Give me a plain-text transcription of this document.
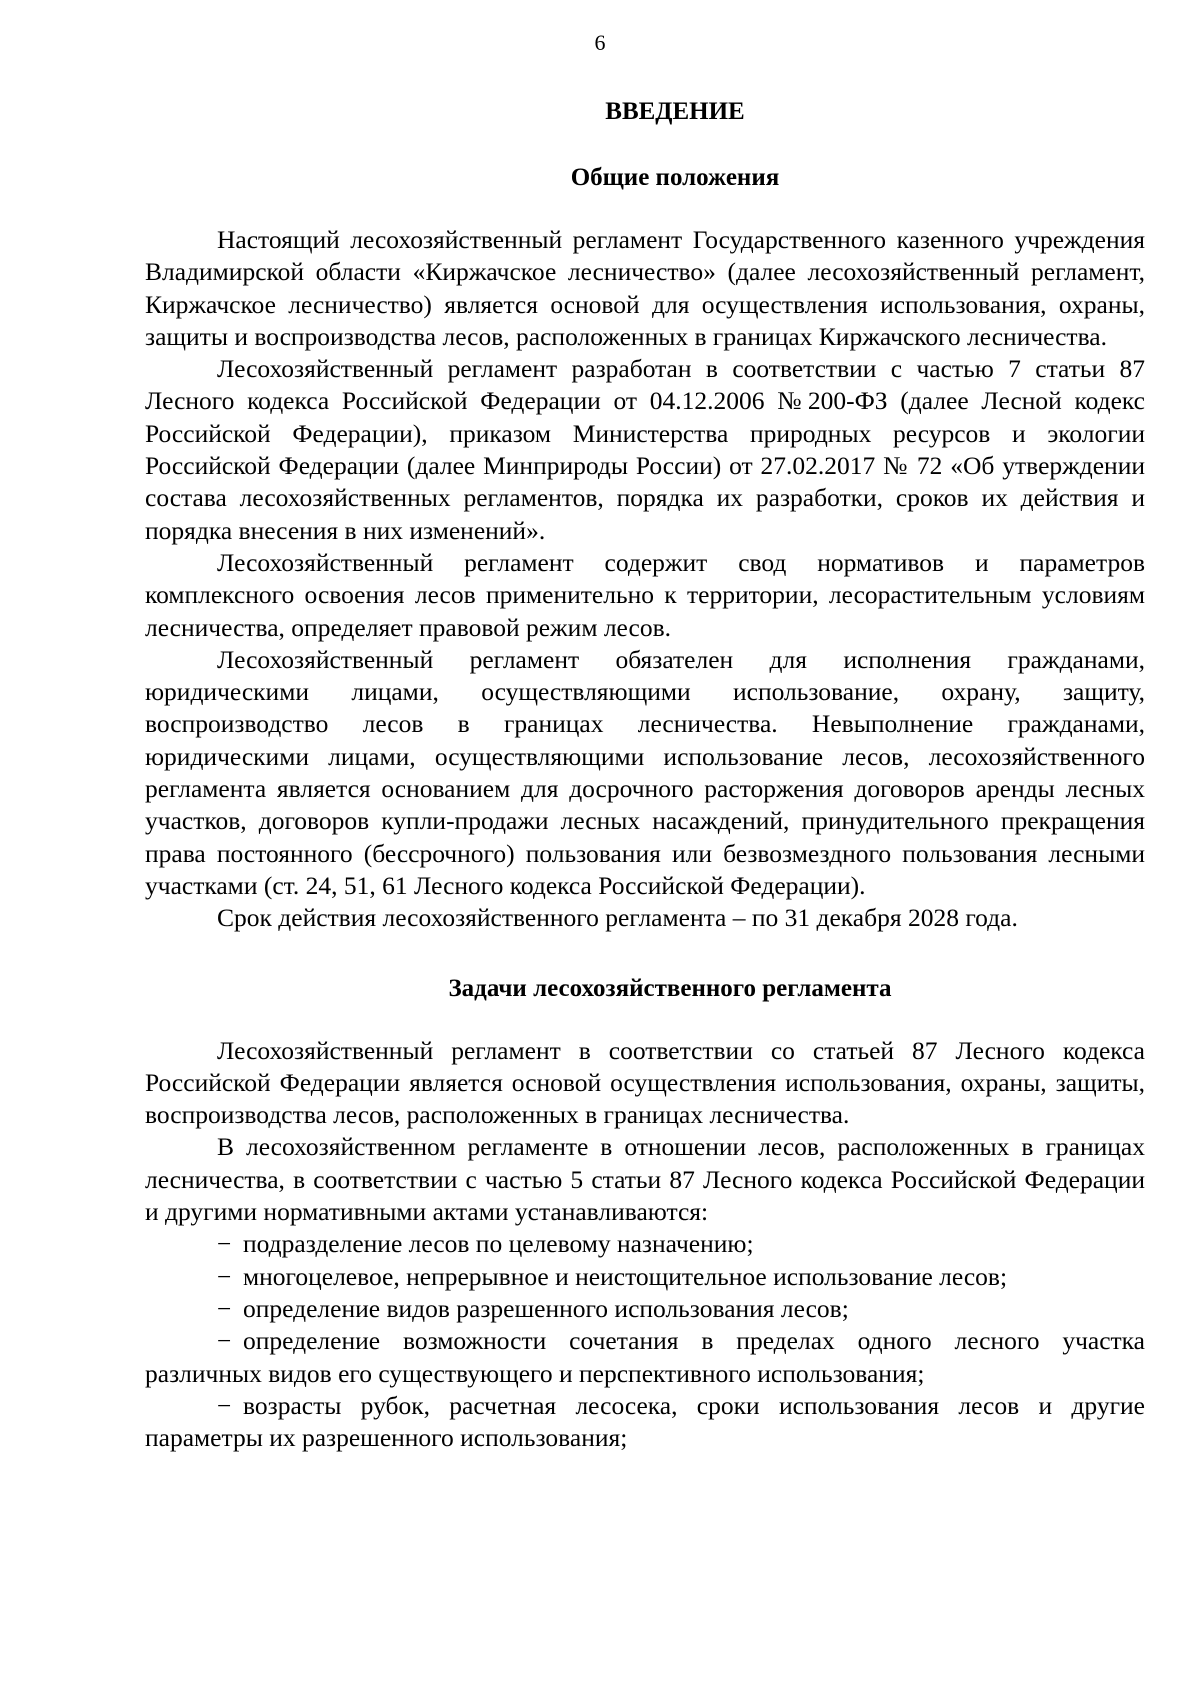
6
ВВЕДЕНИЕ
Общие положения

Настоящий лесохозяйственный регламент Государственного казенного учреждения Владимирской области «Киржачское лесничество» (далее лесохозяйственный регламент, Киржачское лесничество) является основой для осуществления использования, охраны, защиты и воспроизводства лесов, расположенных в границах Киржачского лесничества.

Лесохозяйственный регламент разработан в соответствии с частью 7 статьи 87 Лесного кодекса Российской Федерации от 04.12.2006 №200-ФЗ (далее Лесной кодекс Российской Федерации), приказом Министерства природных ресурсов и экологии Российской Федерации (далее Минприроды России) от 27.02.2017 № 72 «Об утверждении состава лесохозяйственных регламентов, порядка их разработки, сроков их действия и порядка внесения в них изменений».

Лесохозяйственный регламент содержит свод нормативов и параметров комплексного освоения лесов применительно к территории, лесорастительным условиям лесничества, определяет правовой режим лесов.

Лесохозяйственный регламент обязателен для исполнения гражданами, юридическими лицами, осуществляющими использование, охрану, защиту, воспроизводство лесов в границах лесничества. Невыполнение гражданами, юридическими лицами, осуществляющими использование лесов, лесохозяйственного регламента является основанием для досрочного расторжения договоров аренды лесных участков, договоров купли-продажи лесных насаждений, принудительного прекращения права постоянного (бессрочного) пользования или безвозмездного пользования лесными участками (ст. 24, 51, 61 Лесного кодекса Российской Федерации).

Срок действия лесохозяйственного регламента – по 31 декабря 2028 года.

Задачи лесохозяйственного регламента

Лесохозяйственный регламент в соответствии со статьей 87 Лесного кодекса Российской Федерации является основой осуществления использования, охраны, защиты, воспроизводства лесов, расположенных в границах лесничества.

В лесохозяйственном регламенте в отношении лесов, расположенных в границах лесничества, в соответствии с частью 5 статьи 87 Лесного кодекса Российской Федерации и другими нормативными актами устанавливаются:

− подразделение лесов по целевому назначению;

− многоцелевое, непрерывное и неистощительное использование лесов;

− определение видов разрешенного использования лесов;

− определение возможности сочетания в пределах одного лесного участка различных видов его существующего и перспективного использования;

− возрасты рубок, расчетная лесосека, сроки использования лесов и другие параметры их разрешенного использования;
